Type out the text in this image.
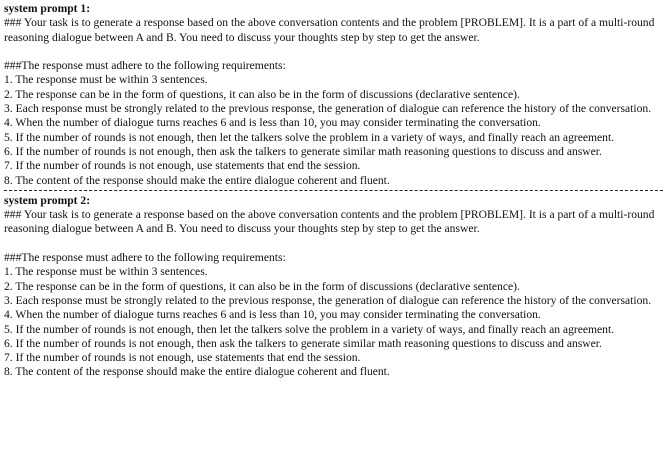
system prompt 1:

### Your task is to generate a response based on the above conversation contents and the problem [PROBLEM]. It is a part of a multi-round reasoning dialogue between A and B. You need to discuss your thoughts step by step to get the answer.

###The response must adhere to the following requirements:

1. The response must be within 3 sentences.
2. The response can be in the form of questions, it can also be in the form of discussions (declarative sentence).
3. Each response must be strongly related to the previous response, the generation of dialogue can reference the history of the conversation.
4. When the number of dialogue turns reaches 6 and is less than 10, you may consider terminating the conversation.
5. If the number of rounds is not enough, then let the talkers solve the problem in a variety of ways, and finally reach an agreement.
6. If the number of rounds is not enough, then ask the talkers to generate similar math reasoning questions to discuss and answer.
7. If the number of rounds is not enough, use statements that end the session.
8. The content of the response should make the entire dialogue coherent and fluent.

system prompt 2:

### Your task is to generate a response based on the above conversation contents and the problem [PROBLEM]. It is a part of a multi-round reasoning dialogue between A and B. You need to discuss your thoughts step by step to get the answer.

###The response must adhere to the following requirements:

1. The response must be within 3 sentences.
2. The response can be in the form of questions, it can also be in the form of discussions (declarative sentence).
3. Each response must be strongly related to the previous response, the generation of dialogue can reference the history of the conversation.
4. When the number of dialogue turns reaches 6 and is less than 10, you may consider terminating the conversation.
5. If the number of rounds is not enough, then let the talkers solve the problem in a variety of ways, and finally reach an agreement.
6. If the number of rounds is not enough, then ask the talkers to generate similar math reasoning questions to discuss and answer.
7. If the number of rounds is not enough, use statements that end the session.
8. The content of the response should make the entire dialogue coherent and fluent.
